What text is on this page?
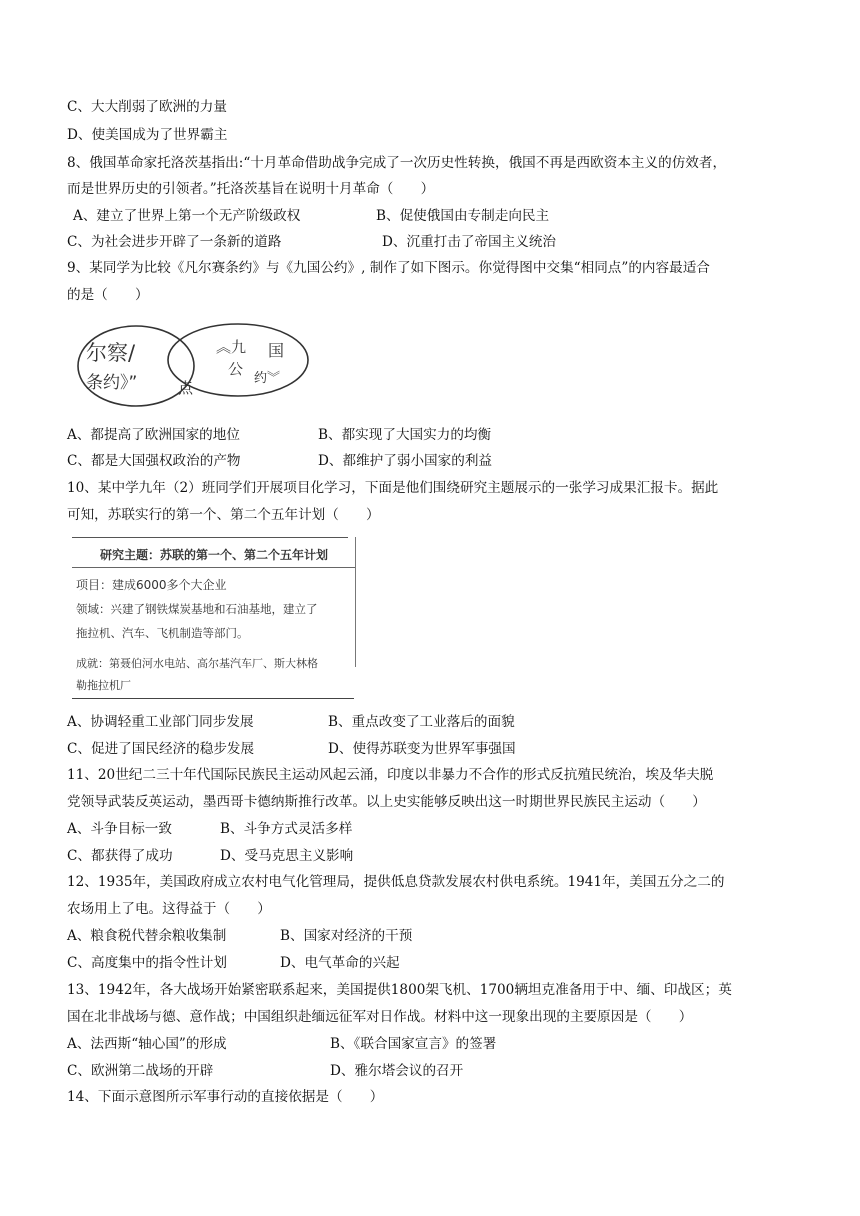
C、大大削弱了欧洲的力量
D、使美国成为了世界霸主
8、俄国革命家托洛茨基指出:“十月革命借助战争完成了一次历史性转换，俄国不再是西欧资本主义的仿效者，
而是世界历史的引领者。”托洛茨基旨在说明十月革命（　　）
A、建立了世界上第一个无产阶级政权	B、促使俄国由专制走向民主
C、为社会进步开辟了一条新的道路	D、沉重打击了帝国主义统治
9、某同学为比较《凡尔赛条约》与《九国公约》, 制作了如下图示。你觉得图中交集“相同点”的内容最适合
的是（　　）
尔察/
条约》”	点
︽九 国
公
约︾
A、都提高了欧洲国家的地位	B、都实现了大国实力的均衡
C、都是大国强权政治的产物	D、都维护了弱小国家的利益
10、某中学九年（2）班同学们开展项目化学习，下面是他们围绕研究主题展示的一张学习成果汇报卡。据此
可知，苏联实行的第一个、第二个五年计划（　　）
研究主题：苏联的第一个、第二个五年计划
项目：建成6000多个大企业
领域：兴建了钢铁煤炭基地和石油基地，建立了
拖拉机、汽车、飞机制造等部门。
成就：第聂伯河水电站、高尔基汽车厂、斯大林格
勒拖拉机厂
A、协调轻重工业部门同步发展	B、重点改变了工业落后的面貌
C、促进了国民经济的稳步发展	D、使得苏联变为世界军事强国
11、20世纪二三十年代国际民族民主运动风起云涌，印度以非暴力不合作的形式反抗殖民统治，埃及华夫脱
党领导武装反英运动，墨西哥卡德纳斯推行改革。以上史实能够反映出这一时期世界民族民主运动（　　）
A、斗争目标一致	B、斗争方式灵活多样
C、都获得了成功	D、受马克思主义影响
12、1935年，美国政府成立农村电气化管理局，提供低息贷款发展农村供电系统。1941年，美国五分之二的
农场用上了电。这得益于（　　）
A、粮食税代替余粮收集制	B、国家对经济的干预
C、高度集中的指令性计划	D、电气革命的兴起
13、1942年，各大战场开始紧密联系起来，美国提供1800架飞机、1700辆坦克准备用于中、缅、印战区；英
国在北非战场与德、意作战；中国组织赴缅远征军对日作战。材料中这一现象出现的主要原因是（　　）
A、法西斯“轴心国”的形成	B、《联合国家宣言》的签署
C、欧洲第二战场的开辟	D、雅尔塔会议的召开
14、下面示意图所示军事行动的直接依据是（　　）
